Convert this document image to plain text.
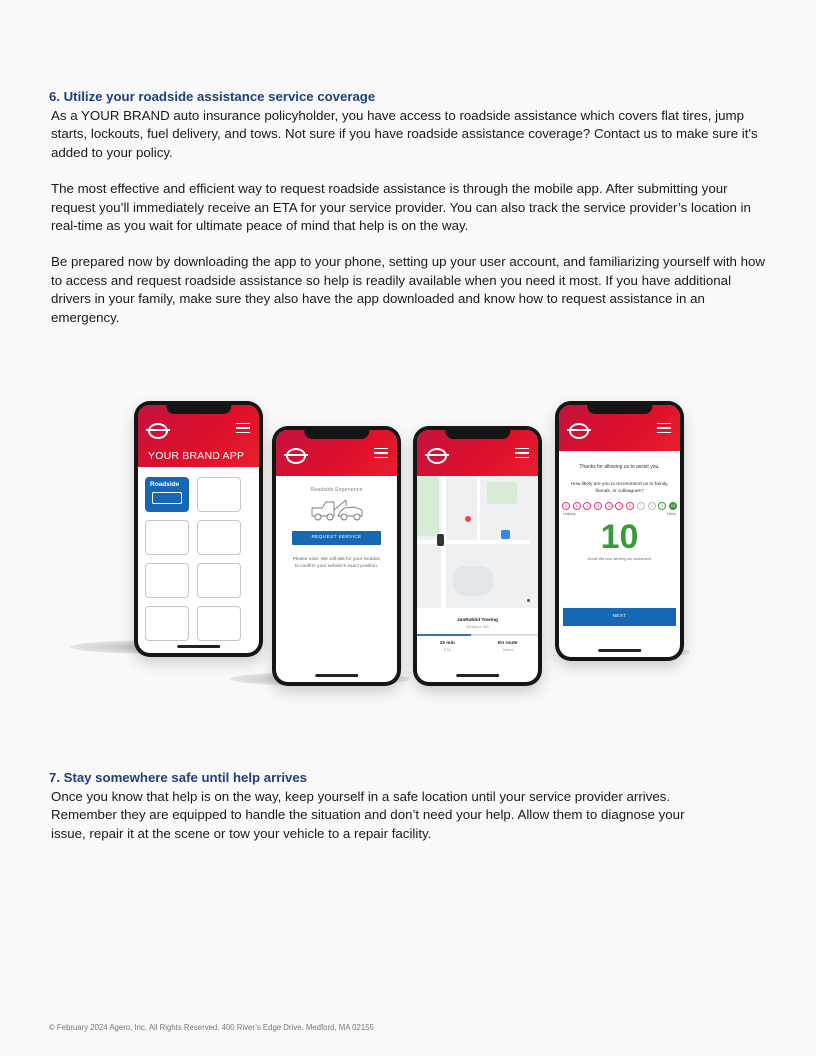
6. Utilize your roadside assistance service coverage

As a YOUR BRAND auto insurance policyholder, you have access to roadside assistance which covers flat tires, jump starts, lockouts, fuel delivery, and tows. Not sure if you have roadside assistance coverage? Contact us to make sure it's added to your policy.

The most effective and efficient way to request roadside assistance is through the mobile app. After submitting your request you’ll immediately receive an ETA for your service provider. You can also track the service provider’s location in real-time as you wait for ultimate peace of mind that help is on the way.

Be prepared now by downloading the app to your phone, setting up your user account, and familiarizing yourself with how to access and request roadside assistance so help is readily available when you need it most. If you have additional drivers in your family, make sure they also have the app downloaded and know how to request assistance in an emergency.

YOUR BRAND APP
Roadside
Roadside Experience
REQUEST SERVICE
Please note: We will ask for your location to confirm your vehicle's exact position.
JanRabbit Towing
Medford, MA
15 min	En route
ETA	Status
Thanks for allowing us to assist you.
How likely are you to recommend us to family, friends, or colleagues?
0	1	2	3	4	5	6	7	8	9	10
Unlikely	Likely
10
Great! We love serving our customers.
NEXT
7. Stay somewhere safe until help arrives

Once you know that help is on the way, keep yourself in a safe location until your service provider arrives. Remember they are equipped to handle the situation and don’t need your help. Allow them to diagnose your issue, repair it at the scene or tow your vehicle to a repair facility.

© February 2024 Agero, Inc. All Rights Reserved. 400 River’s Edge Drive, Medford, MA 02155
